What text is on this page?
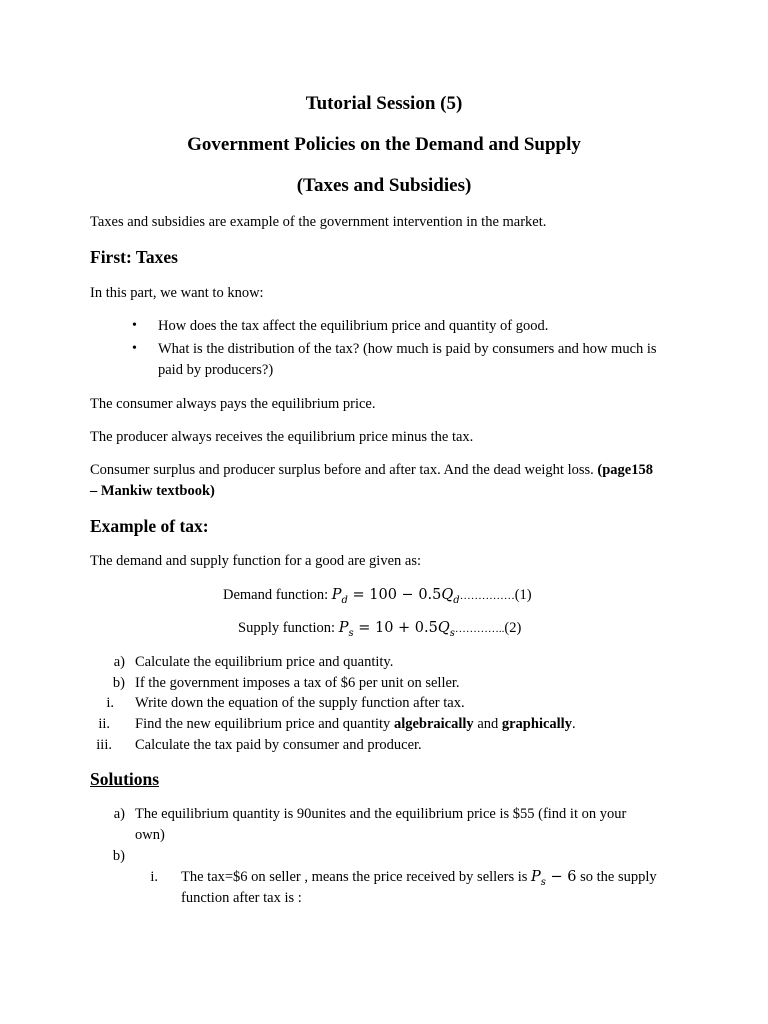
Tutorial Session (5)
Government Policies on the Demand and Supply
(Taxes and Subsidies)
Taxes and subsidies are example of the government intervention in the market.
First: Taxes
In this part, we want to know:
• How does the tax affect the equilibrium price and quantity of good.
• What is the distribution of the tax? (how much is paid by consumers and how much is
paid by producers?)
The consumer always pays the equilibrium price.
The producer always receives the equilibrium price minus the tax.
Consumer surplus and producer surplus before and after tax. And the dead weight loss. (page158
– Mankiw textbook)
Example of tax:
The demand and supply function for a good are given as:
Demand function: $P_d = 100$ − $0.5Q_d\dots\dots\dots\dots\dots(1)$
Supply function: $P_s = 10$ + $0.5Q_s\dots\dots\dots\dots..(2)$
a) Calculate the equilibrium price and quantity.
b) If the government imposes a tax of $6 per unit on seller.
i. Write down the equation of the supply function after tax.
ii. Find the new equilibrium price and quantity algebraically and graphically.
iii. Calculate the tax paid by consumer and producer.
Solutions
a) The equilibrium quantity is 90unites and the equilibrium price is $55 (find it on your
own)
b)
i. The tax=$6 on seller , means the price received by sellers is $P_s - 6$ so the supply
function after tax is :
